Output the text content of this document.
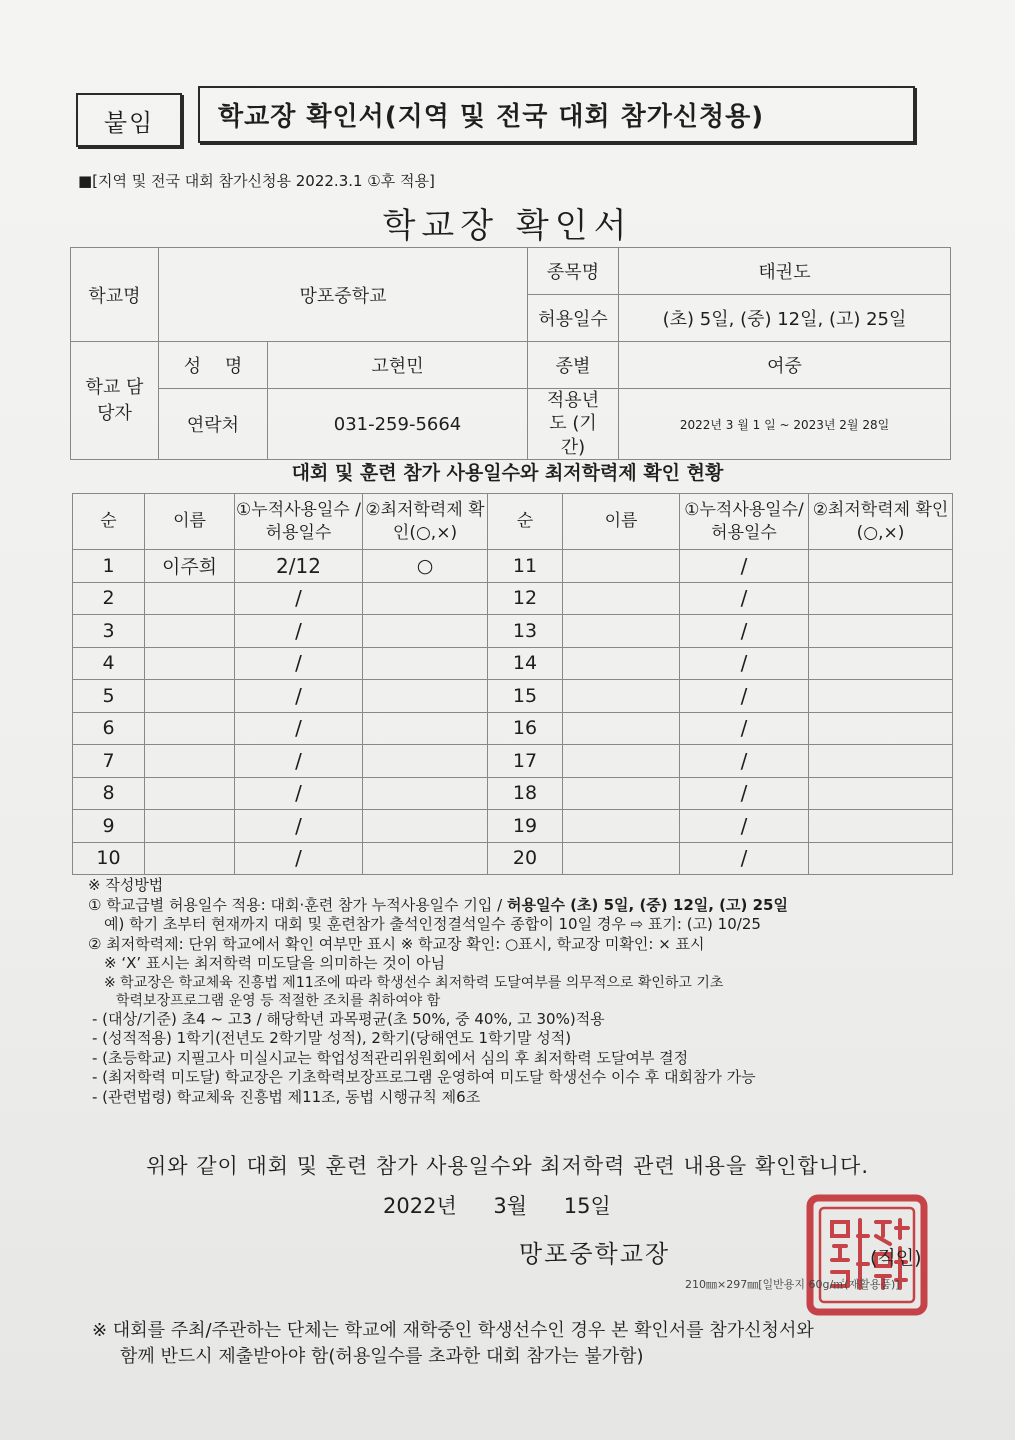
붙임	학교장 확인서(지역 및 전국 대회 참가신청용)
■[지역 및 전국 대회 참가신청용 2022.3.1 ①후 적용]
학교장 확인서
학교명	망포중학교		종목명	태권도
			허용일수	(초) 5일, (중) 12일, (고) 25일
학교 담당자	성 명	고현민	종별	여중
	연락처	031-259-5664	적용년도 (기간)	2022년 3 월 1 일 ~ 2023년 2월 28일
대회 및 훈련 참가 사용일수와 최저학력제 확인 현황
순	이름	①누적사용일수 /허용일수	②최저학력제 확인(○,×)	순	이름	①누적사용일수/ 허용일수	②최저학력제 확인(○,×)
1	이주희	2/12	○	11		/	
2		/		12		/	
3		/		13		/	
4		/		14		/	
5		/		15		/	
6		/		16		/	
7		/		17		/	
8		/		18		/	
9		/		19		/	
10		/		20		/	
※ 작성방법
① 학교급별 허용일수 적용: 대회·훈련 참가 누적사용일수 기입 / 허용일수 (초) 5일, (중) 12일, (고) 25일
예) 학기 초부터 현재까지 대회 및 훈련참가 출석인정결석일수 종합이 10일 경우 ⇨ 표기: (고) 10/25
② 최저학력제: 단위 학교에서 확인 여부만 표시 ※ 학교장 확인: ○표시, 학교장 미확인: × 표시
※ ‘X’ 표시는 최저학력 미도달을 의미하는 것이 아님
※ 학교장은 학교체육 진흥법 제11조에 따라 학생선수 최저학력 도달여부를 의무적으로 확인하고 기초
학력보장프로그램 운영 등 적절한 조치를 취하여야 함
- (대상/기준) 초4 ~ 고3 / 해당학년 과목평균(초 50%, 중 40%, 고 30%)적용
- (성적적용) 1학기(전년도 2학기말 성적), 2학기(당해연도 1학기말 성적)
- (초등학교) 지필고사 미실시교는 학업성적관리위원회에서 심의 후 최저학력 도달여부 결정
- (최저학력 미도달) 학교장은 기초학력보장프로그램 운영하여 미도달 학생선수 이수 후 대회참가 가능
- (관련법령) 학교체육 진흥법 제11조, 동법 시행규칙 제6조
위와 같이 대회 및 훈련 참가 사용일수와 최저학력 관련 내용을 확인합니다.
2022년 3월 15일
망포중학교장	(직인)
210㎜×297㎜[일반용지 60g/㎡(재활용품)]
※ 대회를 주최/주관하는 단체는 학교에 재학중인 학생선수인 경우 본 확인서를 참가신청서와
함께 반드시 제출받아야 함(허용일수를 초과한 대회 참가는 불가함)
